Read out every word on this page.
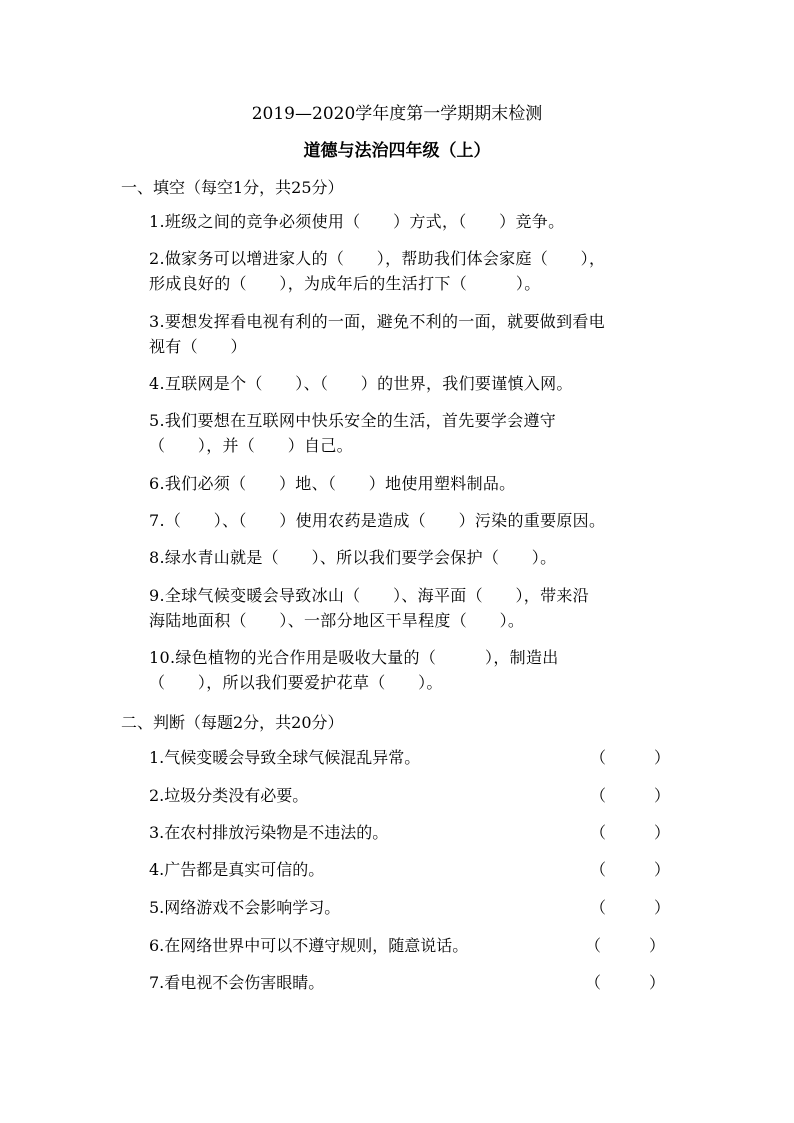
2019—2020学年度第一学期期末检测
道德与法治四年级（上）
一、填空（每空1分，共25分）
1.班级之间的竞争必须使用（　　）方式，（　　）竞争。
2.做家务可以增进家人的（　　），帮助我们体会家庭（　　），
形成良好的（　　），为成年后的生活打下（　　　）。
3.要想发挥看电视有利的一面，避免不利的一面，就要做到看电
视有（　　）
4.互联网是个（　　）、（　　）的世界，我们要谨慎入网。
5.我们要想在互联网中快乐安全的生活，首先要学会遵守
（　　），并（　　）自己。
6.我们必须（　　）地、（　　）地使用塑料制品。
7.（　　）、（　　）使用农药是造成（　　）污染的重要原因。
8.绿水青山就是（　　）、所以我们要学会保护（　　）。
9.全球气候变暖会导致冰山（　　）、海平面（　　），带来沿
海陆地面积（　　）、一部分地区干旱程度（　　）。
10.绿色植物的光合作用是吸收大量的（　　　），制造出
（　　），所以我们要爱护花草（　　）。
二、判断（每题2分，共20分）
1.气候变暖会导致全球气候混乱异常。	（　　　）
2.垃圾分类没有必要。	（　　　）
3.在农村排放污染物是不违法的。	（　　　）
4.广告都是真实可信的。	（　　　）
5.网络游戏不会影响学习。	（　　　）
6.在网络世界中可以不遵守规则，随意说话。	（　　　）
7.看电视不会伤害眼睛。	（　　　）
